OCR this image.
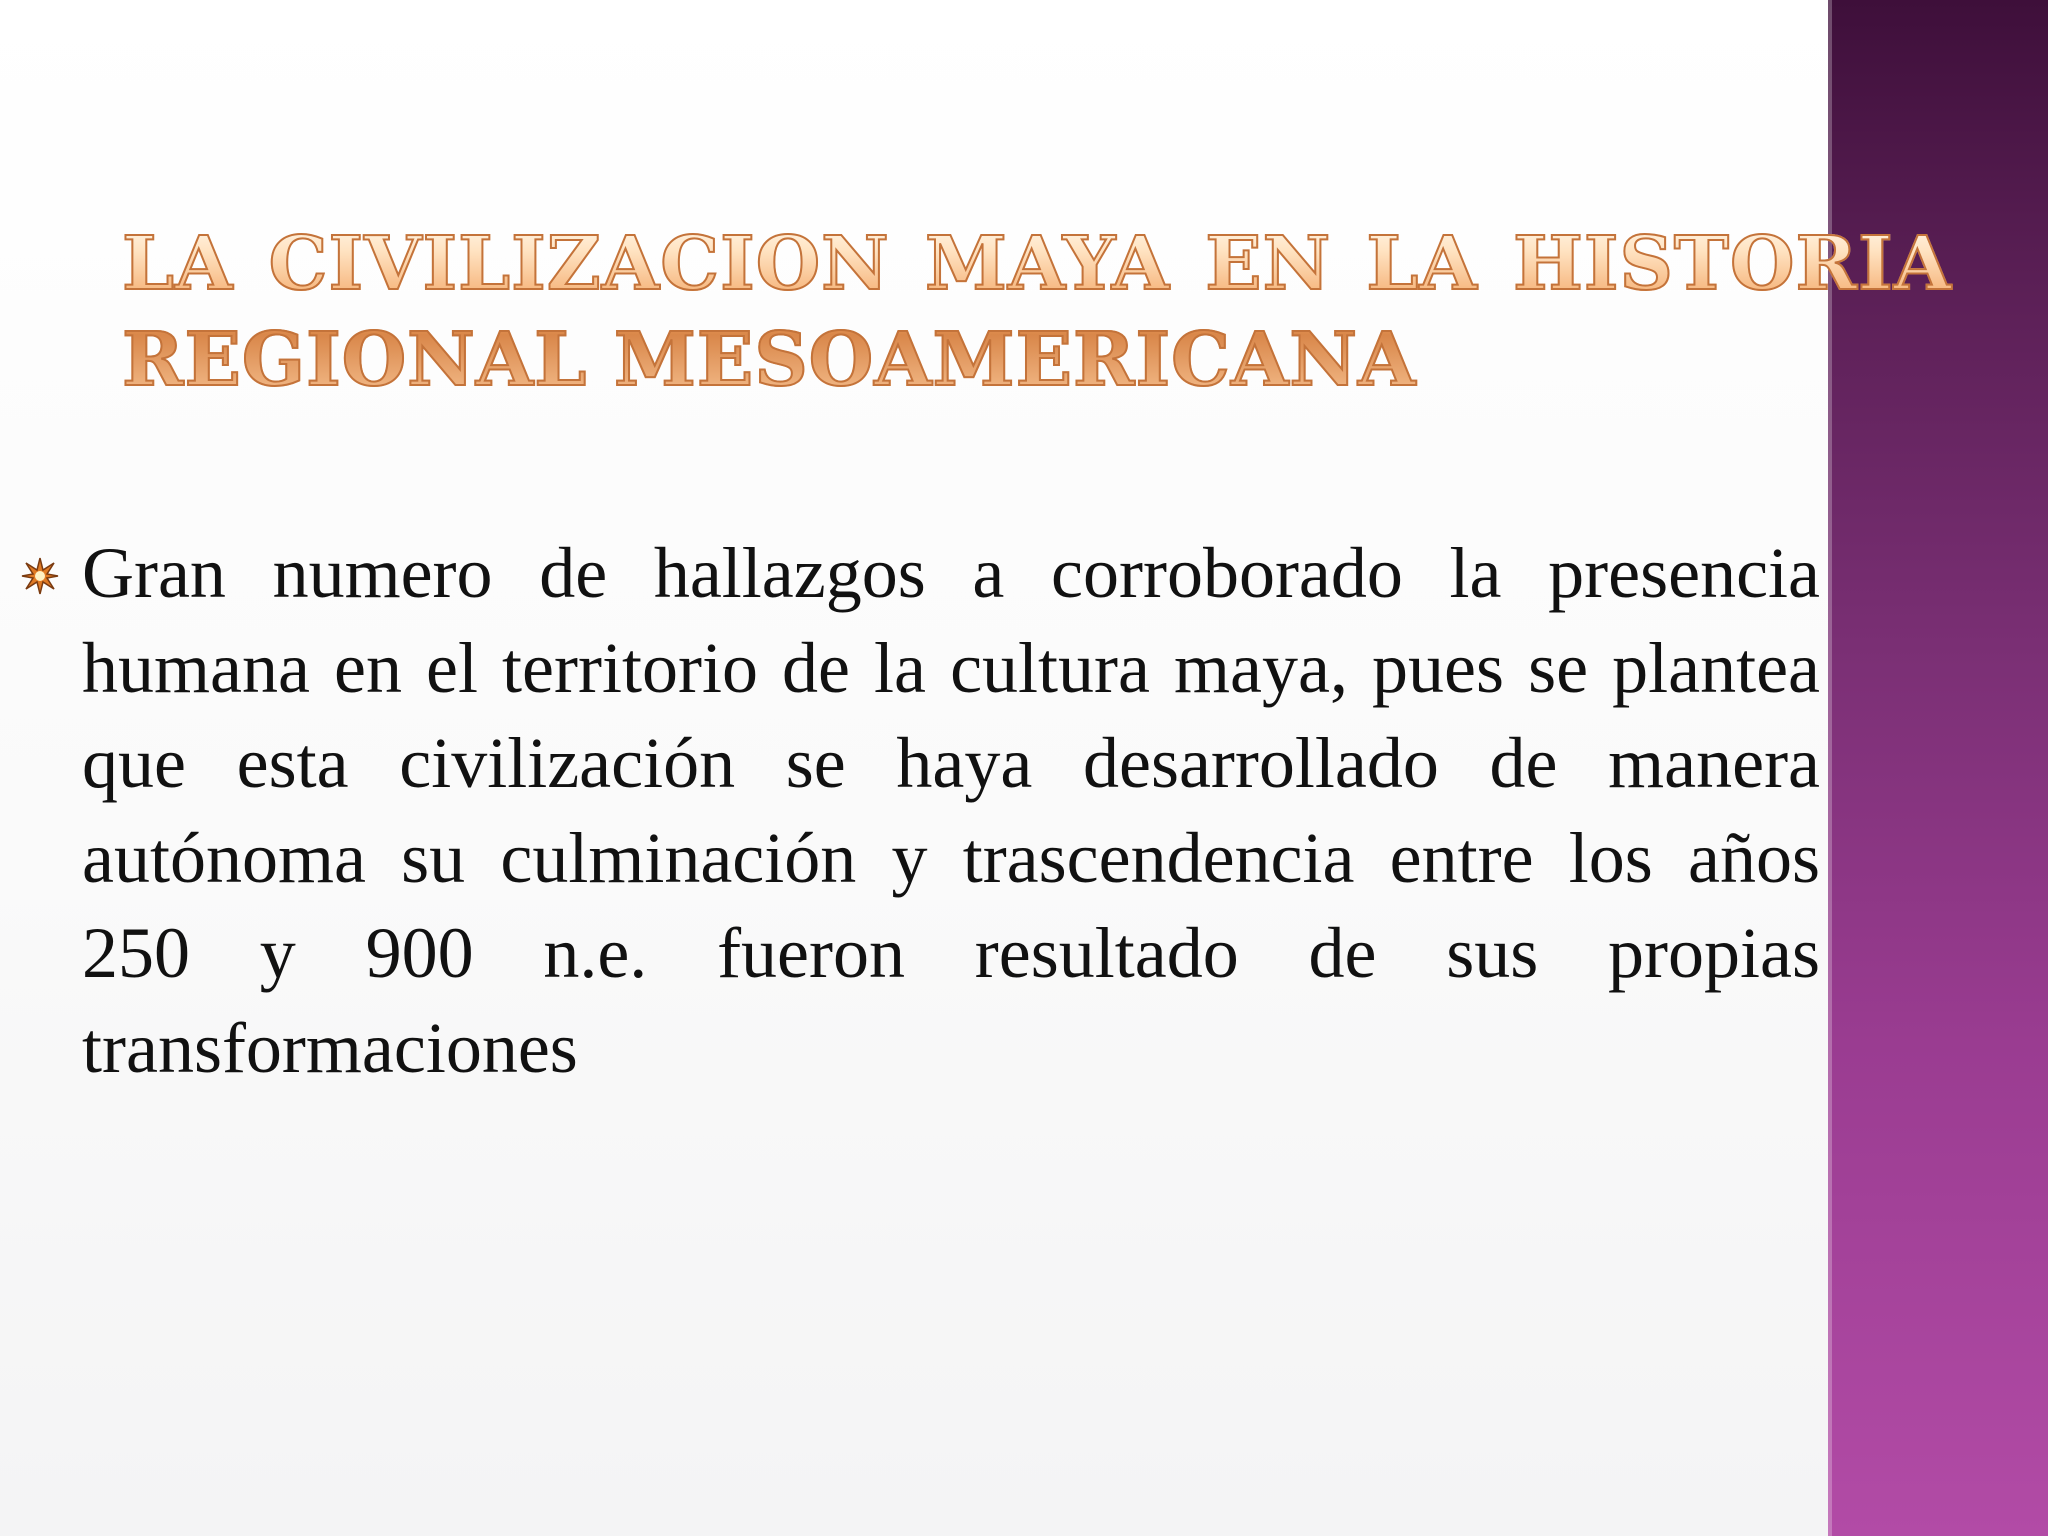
LA CIVILIZACION MAYA EN LA HISTORIA
REGIONAL MESOAMERICANA
Gran numero de hallazgos a corroborado la presencia humana en el territorio de la cultura maya, pues se plantea que esta civilización se haya desarrollado de manera autónoma su culminación y trascendencia entre los años 250 y 900 n.e. fueron resultado de sus propias transformaciones
